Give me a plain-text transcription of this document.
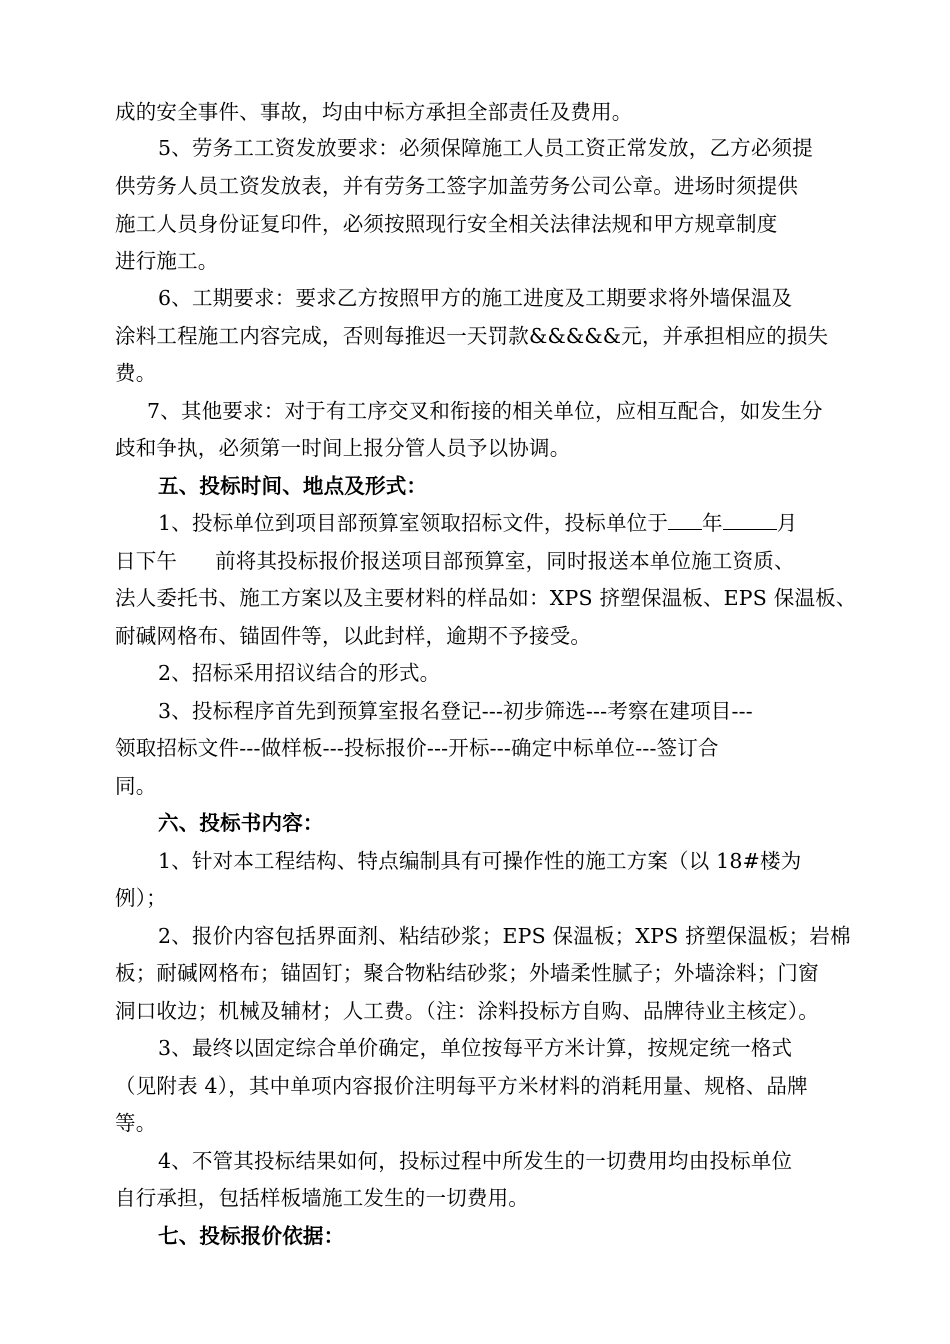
成的安全事件、事故，均由中标方承担全部责任及费用。
5、劳务工工资发放要求：必须保障施工人员工资正常发放，乙方必须提
供劳务人员工资发放表，并有劳务工签字加盖劳务公司公章。进场时须提供
施工人员身份证复印件，必须按照现行安全相关法律法规和甲方规章制度
进行施工。
6、工期要求：要求乙方按照甲方的施工进度及工期要求将外墙保温及
涂料工程施工内容完成，否则每推迟一天罚款&&&&&元，并承担相应的损失
费。
7、其他要求：对于有工序交叉和衔接的相关单位，应相互配合，如发生分
歧和争执，必须第一时间上报分管人员予以协调。
五、投标时间、地点及形式：
1、投标单位到项目部预算室领取招标文件，投标单位于 年	月
日下午 前将其投标报价报送项目部预算室，同时报送本单位施工资质、
法人委托书、施工方案以及主要材料的样品如：XPS 挤塑保温板、EPS 保温板、
耐碱网格布、锚固件等，以此封样，逾期不予接受。
2、招标采用招议结合的形式。
3、投标程序首先到预算室报名登记---初步筛选---考察在建项目---
领取招标文件---做样板---投标报价---开标---确定中标单位---签订合
同。
六、投标书内容：
1、针对本工程结构、特点编制具有可操作性的施工方案（以 18#楼为
例）；
2、报价内容包括界面剂、粘结砂浆；EPS 保温板；XPS 挤塑保温板；岩棉
板；耐碱网格布；锚固钉；聚合物粘结砂浆；外墙柔性腻子；外墙涂料；门窗
洞口收边；机械及辅材；人工费。（注：涂料投标方自购、品牌待业主核定）。
3、最终以固定综合单价确定，单位按每平方米计算，按规定统一格式
（见附表 4），其中单项内容报价注明每平方米材料的消耗用量、规格、品牌
等。
4、不管其投标结果如何，投标过程中所发生的一切费用均由投标单位
自行承担，包括样板墙施工发生的一切费用。
七、投标报价依据：
